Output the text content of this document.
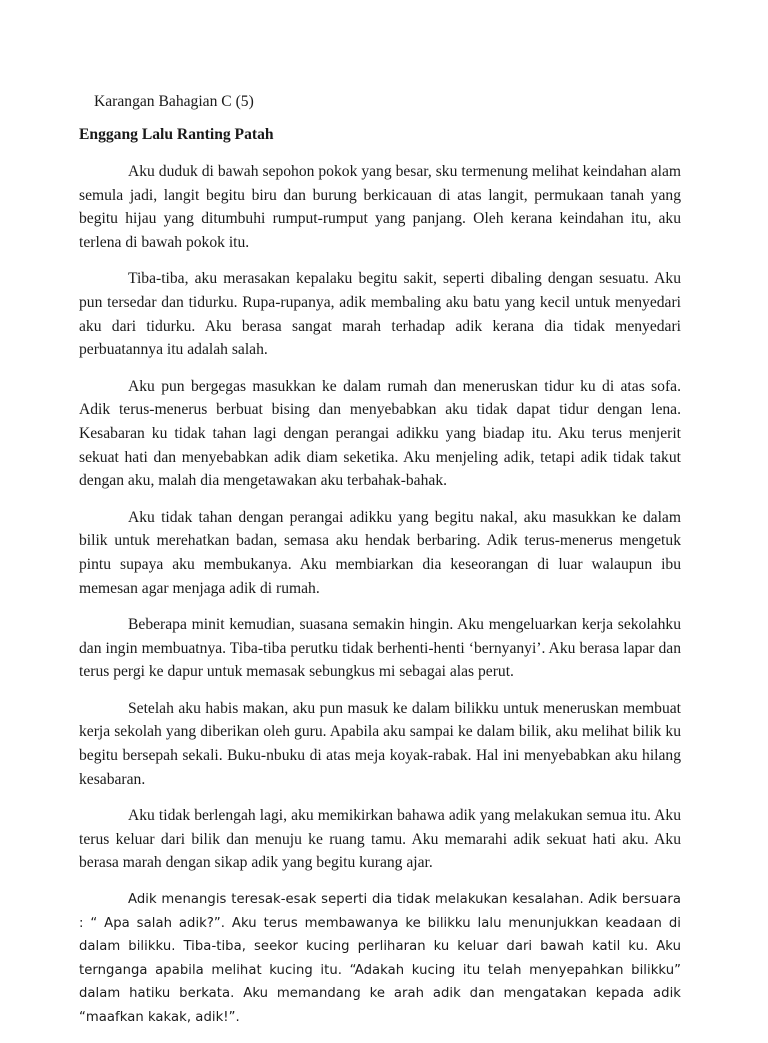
Karangan Bahagian C (5)
Enggang Lalu Ranting Patah

Aku duduk di bawah sepohon pokok yang besar, sku termenung melihat keindahan alam semula jadi, langit begitu biru dan burung berkicauan di atas langit, permukaan tanah yang begitu hijau yang ditumbuhi rumput-rumput yang panjang. Oleh kerana keindahan itu, aku terlena di bawah pokok itu.

Tiba-tiba, aku merasakan kepalaku begitu sakit, seperti dibaling dengan sesuatu. Aku pun tersedar dan tidurku. Rupa-rupanya, adik membaling aku batu yang kecil untuk menyedari aku dari tidurku. Aku berasa sangat marah terhadap adik kerana dia tidak menyedari perbuatannya itu adalah salah.

Aku pun bergegas masukkan ke dalam rumah dan meneruskan tidur ku di atas sofa. Adik terus-menerus berbuat bising dan menyebabkan aku tidak dapat tidur dengan lena. Kesabaran ku tidak tahan lagi dengan perangai adikku yang biadap itu. Aku terus menjerit sekuat hati dan menyebabkan adik diam seketika. Aku menjeling adik, tetapi adik tidak takut dengan aku, malah dia mengetawakan aku terbahak-bahak.

Aku tidak tahan dengan perangai adikku yang begitu nakal, aku masukkan ke dalam bilik untuk merehatkan badan, semasa aku hendak berbaring. Adik terus-menerus mengetuk pintu supaya aku membukanya. Aku membiarkan dia keseorangan di luar walaupun ibu memesan agar menjaga adik di rumah.

Beberapa minit kemudian, suasana semakin hingin. Aku mengeluarkan kerja sekolahku dan ingin membuatnya. Tiba-tiba perutku tidak berhenti-henti ‘bernyanyi’. Aku berasa lapar dan terus pergi ke dapur untuk memasak sebungkus mi sebagai alas perut.

Setelah aku habis makan, aku pun masuk ke dalam bilikku untuk meneruskan membuat kerja sekolah yang diberikan oleh guru. Apabila aku sampai ke dalam bilik, aku melihat bilik ku begitu bersepah sekali. Buku-nbuku di atas meja koyak-rabak. Hal ini menyebabkan aku hilang kesabaran.

Aku tidak berlengah lagi, aku memikirkan bahawa adik yang melakukan semua itu. Aku terus keluar dari bilik dan menuju ke ruang tamu. Aku memarahi adik sekuat hati aku. Aku berasa marah dengan sikap adik yang begitu kurang ajar.

Adik menangis teresak-esak seperti dia tidak melakukan kesalahan. Adik bersuara : “ Apa salah adik?”. Aku terus membawanya ke bilikku lalu menunjukkan keadaan di dalam bilikku. Tiba-tiba, seekor kucing perliharan ku keluar dari bawah katil ku. Aku ternganga apabila melihat kucing itu. “Adakah kucing itu telah menyepahkan bilikku” dalam hatiku berkata. Aku memandang ke arah adik dan mengatakan kepada adik “maafkan kakak, adik!”.
